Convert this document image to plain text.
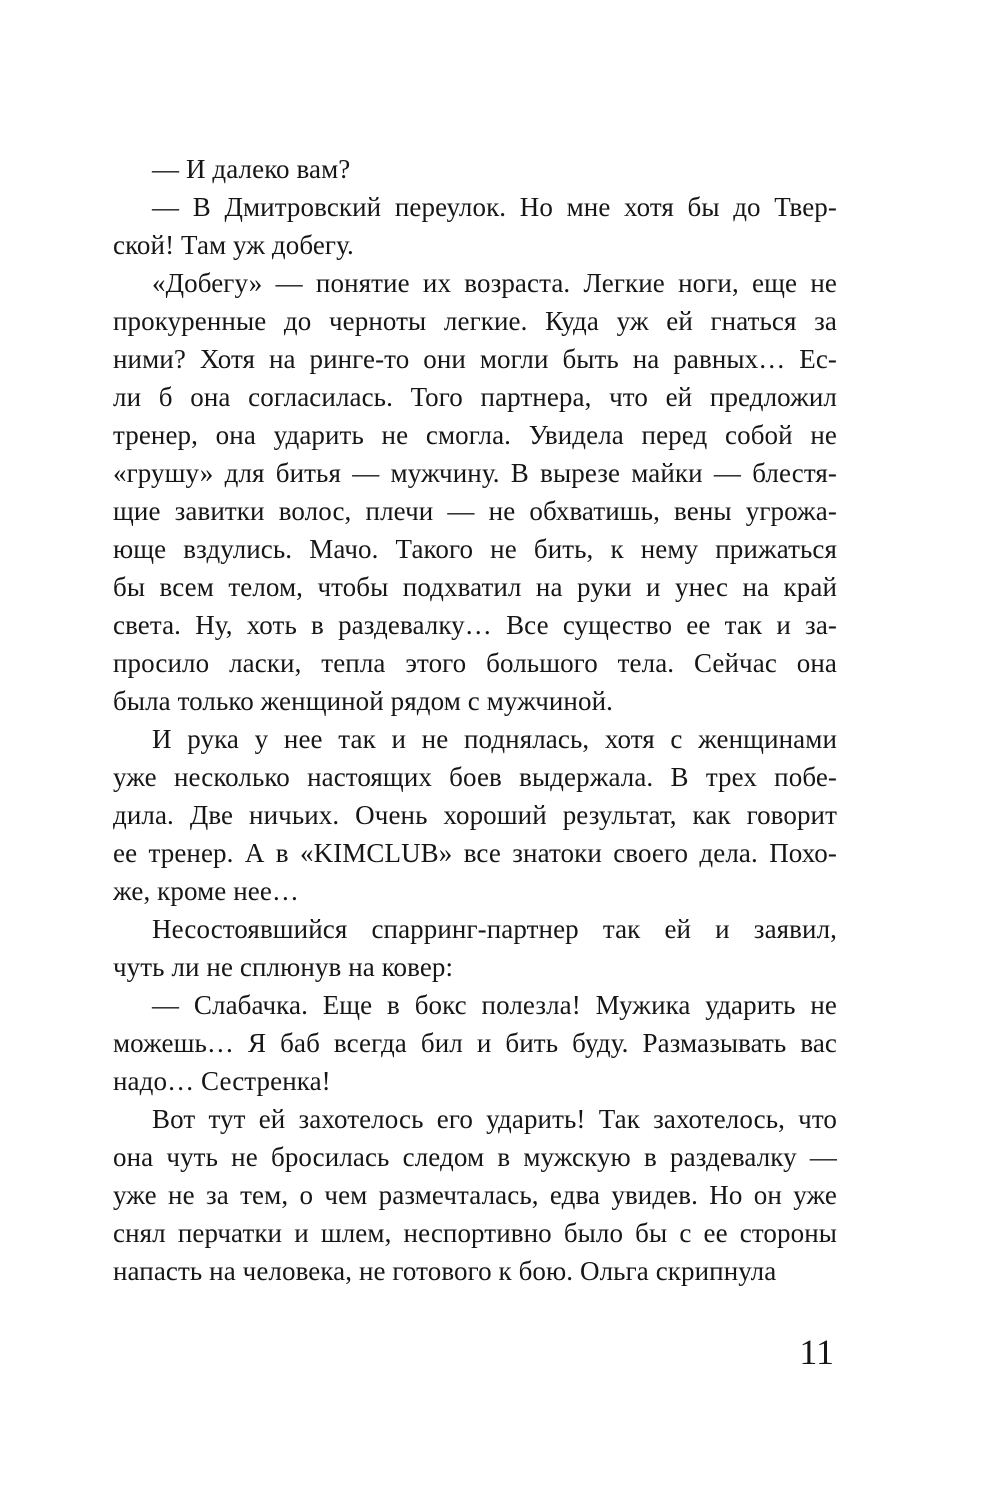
— И далеко вам?
— В Дмитровский переулок. Но мне хотя бы до Твер-
ской! Там уж добегу.
«Добегу» — понятие их возраста. Легкие ноги, еще не
прокуренные до черноты легкие. Куда уж ей гнаться за
ними? Хотя на ринге-то они могли быть на равных… Ес-
ли б она согласилась. Того партнера, что ей предложил
тренер, она ударить не смогла. Увидела перед собой не
«грушу» для битья — мужчину. В вырезе майки — блестя-
щие завитки волос, плечи — не обхватишь, вены угрожа-
юще вздулись. Мачо. Такого не бить, к нему прижаться
бы всем телом, чтобы подхватил на руки и унес на край
света. Ну, хоть в раздевалку… Все существо ее так и за-
просило ласки, тепла этого большого тела. Сейчас она
была только женщиной рядом с мужчиной.
И рука у нее так и не поднялась, хотя с женщинами
уже несколько настоящих боев выдержала. В трех побе-
дила. Две ничьих. Очень хороший результат, как говорит
ее тренер. А в «KIMCLUB» все знатоки своего дела. Похо-
же, кроме нее…
Несостоявшийся спарринг-партнер так ей и заявил,
чуть ли не сплюнув на ковер:
— Слабачка. Еще в бокс полезла! Мужика ударить не
можешь… Я баб всегда бил и бить буду. Размазывать вас
надо… Сестренка!
Вот тут ей захотелось его ударить! Так захотелось, что
она чуть не бросилась следом в мужскую в раздевалку —
уже не за тем, о чем размечталась, едва увидев. Но он уже
снял перчатки и шлем, неспортивно было бы с ее стороны
напасть на человека, не готового к бою. Ольга скрипнула
11
